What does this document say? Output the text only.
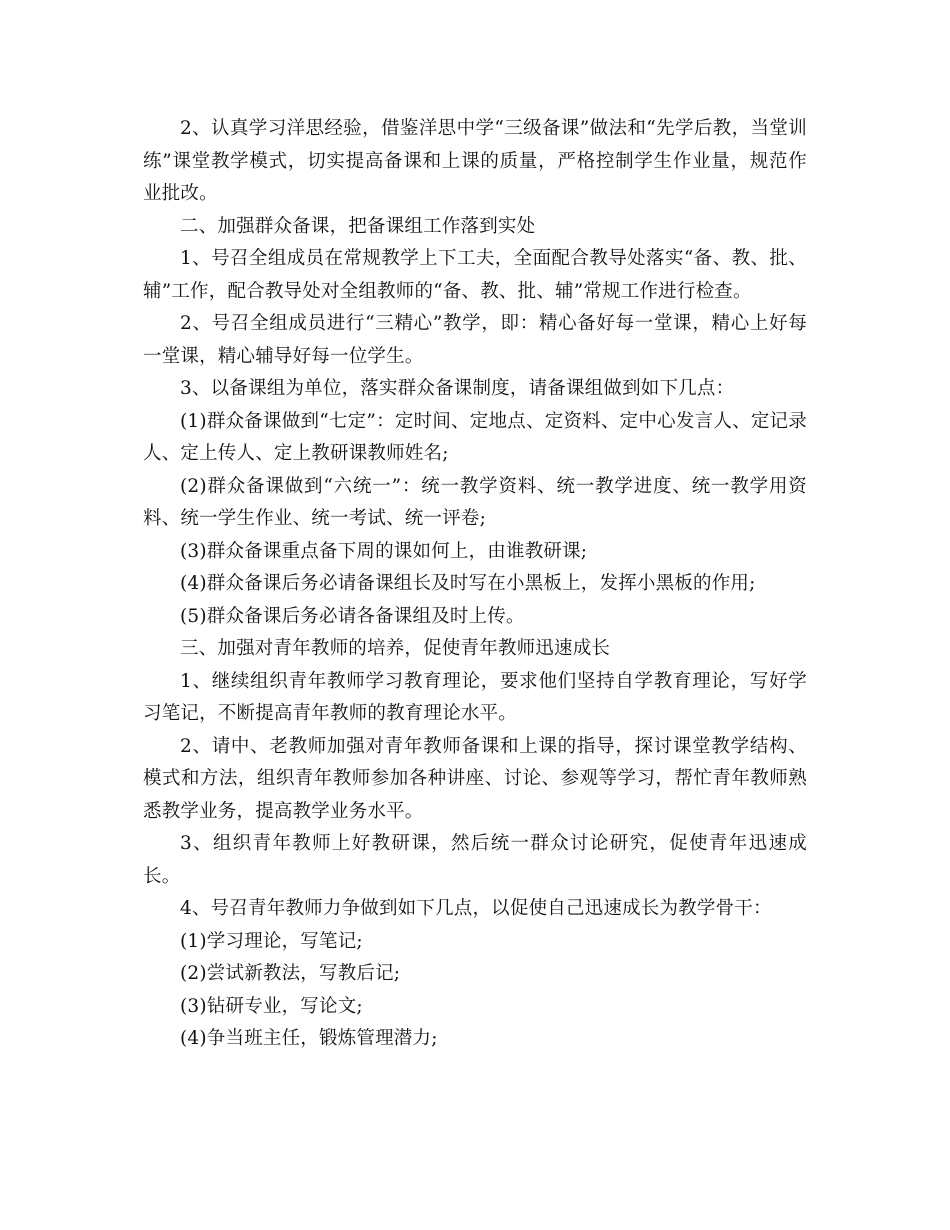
2、认真学习洋思经验，借鉴洋思中学“三级备课”做法和“先学后教，当堂训练”课堂教学模式，切实提高备课和上课的质量，严格控制学生作业量，规范作业批改。

二、加强群众备课，把备课组工作落到实处

1、号召全组成员在常规教学上下工夫，全面配合教导处落实“备、教、批、辅”工作，配合教导处对全组教师的“备、教、批、辅”常规工作进行检查。

2、号召全组成员进行“三精心”教学，即：精心备好每一堂课，精心上好每一堂课，精心辅导好每一位学生。

3、以备课组为单位，落实群众备课制度，请备课组做到如下几点：

(1)群众备课做到“七定”：定时间、定地点、定资料、定中心发言人、定记录人、定上传人、定上教研课教师姓名;

(2)群众备课做到“六统一”：统一教学资料、统一教学进度、统一教学用资料、统一学生作业、统一考试、统一评卷;

(3)群众备课重点备下周的课如何上，由谁教研课;

(4)群众备课后务必请备课组长及时写在小黑板上，发挥小黑板的作用;

(5)群众备课后务必请各备课组及时上传。

三、加强对青年教师的培养，促使青年教师迅速成长

1、继续组织青年教师学习教育理论，要求他们坚持自学教育理论，写好学习笔记，不断提高青年教师的教育理论水平。

2、请中、老教师加强对青年教师备课和上课的指导，探讨课堂教学结构、模式和方法，组织青年教师参加各种讲座、讨论、参观等学习，帮忙青年教师熟悉教学业务，提高教学业务水平。

3、组织青年教师上好教研课，然后统一群众讨论研究，促使青年迅速成长。

4、号召青年教师力争做到如下几点，以促使自己迅速成长为教学骨干：

(1)学习理论，写笔记;

(2)尝试新教法，写教后记;

(3)钻研专业，写论文;

(4)争当班主任，锻炼管理潜力;
